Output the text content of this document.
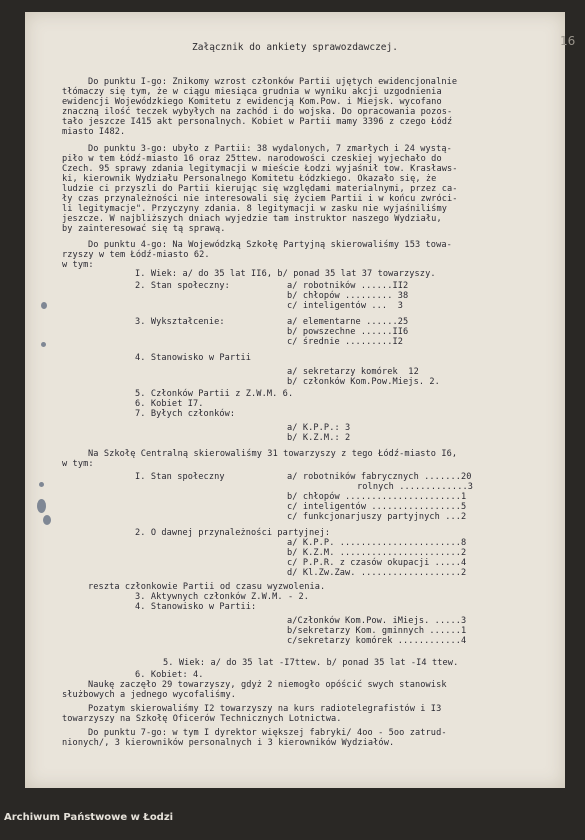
16
Załącznik do ankiety sprawozdawczej.
Do punktu I-go: Znikomy wzrost członków Partii ujętych ewidencjonalnie
tłómaczy się tym, że w ciągu miesiąca grudnia w wyniku akcji uzgodnienia
ewidencji Wojewódzkiego Komitetu z ewidencją Kom.Pow. i Miejsk. wycofano
znaczną ilość teczek wybyłych na zachód i do wojska. Do opracowania pozos-
tało jeszcze I415 akt personalnych. Kobiet w Partii mamy 3396 z czego Łódź
miasto I482.
Do punktu 3-go: ubyło z Partii: 38 wydalonych, 7 zmarłych i 24 wystą-
piło w tem Łódź-miasto 16 oraz 25ttew. narodowości czeskiej wyjechało do
Czech. 95 sprawy zdania legitymacji w mieście Łodzi wyjaśnił tow. Krasławs-
ki, kierownik Wydziału Personalnego Komitetu Łódzkiego. Okazało się, że
ludzie ci przyszli do Partii kierując się względami materialnymi, przez ca-
ły czas przynależności nie interesowali się życiem Partii i w końcu zwróci-
li legitymacje". Przyczyny zdania. 8 legitymacji w zasku nie wyjaśniliśmy
jeszcze. W najbliższych dniach wyjedzie tam instruktor naszego Wydziału,
by zainteresować się tą sprawą.
Do punktu 4-go: Na Wojewódzką Szkołę Partyjną skierowaliśmy 153 towa-
rzyszy w tem Łódź-miasto 62.
w tym:
I. Wiek: a/ do 35 lat II6, b/ ponad 35 lat 37 towarzyszy.
2. Stan społeczny:	a/ robotników ......II2
b/ chłopów ......... 38
c/ inteligentów ...  3
3. Wykształcenie:	a/ elementarne ......25
b/ powszechne ......II6
c/ średnie .........I2
4. Stanowisko w Partii
a/ sekretarzy komórek  12
b/ członków Kom.Pow.Miejs. 2.
5. Członków Partii z Z.W.M. 6.
6. Kobiet I7.
7. Byłych członków:
a/ K.P.P.: 3
b/ K.Z.M.: 2
Na Szkołę Centralną skierowaliśmy 31 towarzyszy z tego Łódź-miasto I6,
w tym:
I. Stan społeczny	a/ robotników fabrycznych .......20
rolnych .............3
b/ chłopów ......................1
c/ inteligentów .................5
c/ funkcjonarjuszy partyjnych ...2
2. O dawnej przynależności partyjnej:
a/ K.P.P. .......................8
b/ K.Z.M. .......................2
c/ P.P.R. z czasów okupacji .....4
d/ Kl.Zw.Zaw. ...................2
reszta członkowie Partii od czasu wyzwolenia.
3. Aktywnych członków Z.W.M. - 2.
4. Stanowisko w Partii:
a/Członków Kom.Pow. iMiejs. .....3
b/sekretarzy Kom. gminnych ......1
c/sekretarzy komórek ............4
5. Wiek: a/ do 35 lat -I7ttew. b/ ponad 35 lat -I4 ttew.
6. Kobiet: 4.
Naukę zaczęło 29 towarzyszy, gdyż 2 niemogło opóścić swych stanowisk
służbowych a jednego wycofaliśmy.
Pozatym skierowaliśmy I2 towarzyszy na kurs radiotelegrafistów i I3
towarzyszy na Szkołę Oficerów Technicznych Lotnictwa.
Do punktu 7-go: w tym I dyrektor większej fabryki/ 4oo - 5oo zatrud-
nionych/, 3 kierowników personalnych i 3 kierowników Wydziałów.
Archiwum Państwowe w Łodzi
